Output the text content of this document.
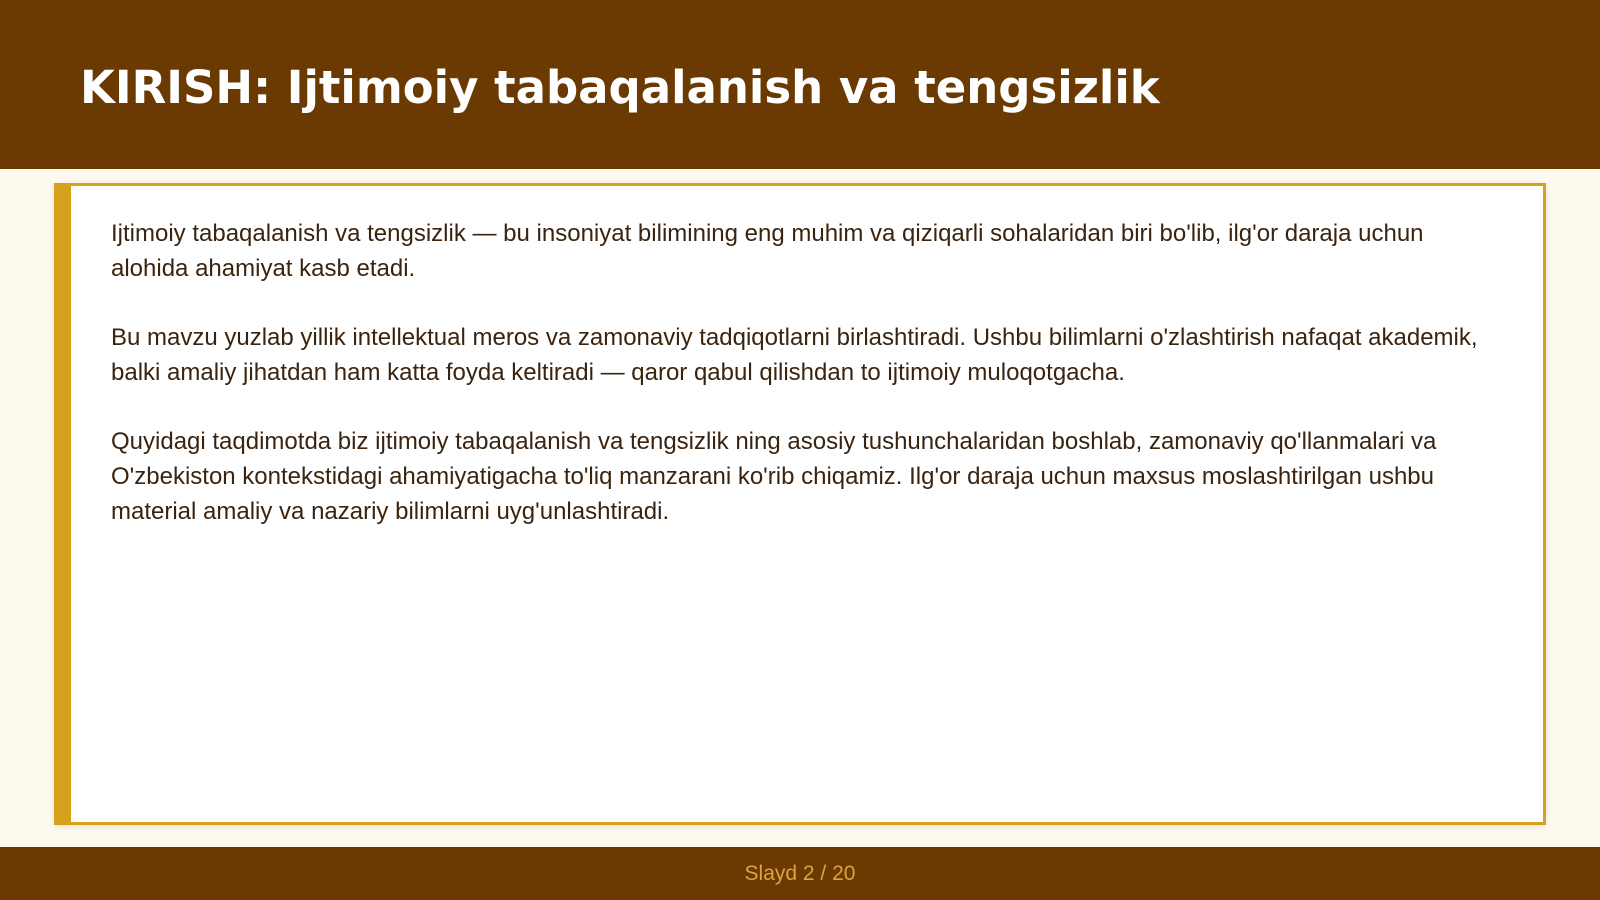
KIRISH: Ijtimoiy tabaqalanish va tengsizlik

Ijtimoiy tabaqalanish va tengsizlik — bu insoniyat bilimining eng muhim va qiziqarli sohalaridan biri bo'lib, ilg'or daraja uchun alohida ahamiyat kasb etadi.

Bu mavzu yuzlab yillik intellektual meros va zamonaviy tadqiqotlarni birlashtiradi. Ushbu bilimlarni o'zlashtirish nafaqat akademik, balki amaliy jihatdan ham katta foyda keltiradi — qaror qabul qilishdan to ijtimoiy muloqotgacha.

Quyidagi taqdimotda biz ijtimoiy tabaqalanish va tengsizlik ning asosiy tushunchalaridan boshlab, zamonaviy qo'llanmalari va O'zbekiston kontekstidagi ahamiyatigacha to'liq manzarani ko'rib chiqamiz. Ilg'or daraja uchun maxsus moslashtirilgan ushbu material amaliy va nazariy bilimlarni uyg'unlashtiradi.

Slayd 2 / 20
